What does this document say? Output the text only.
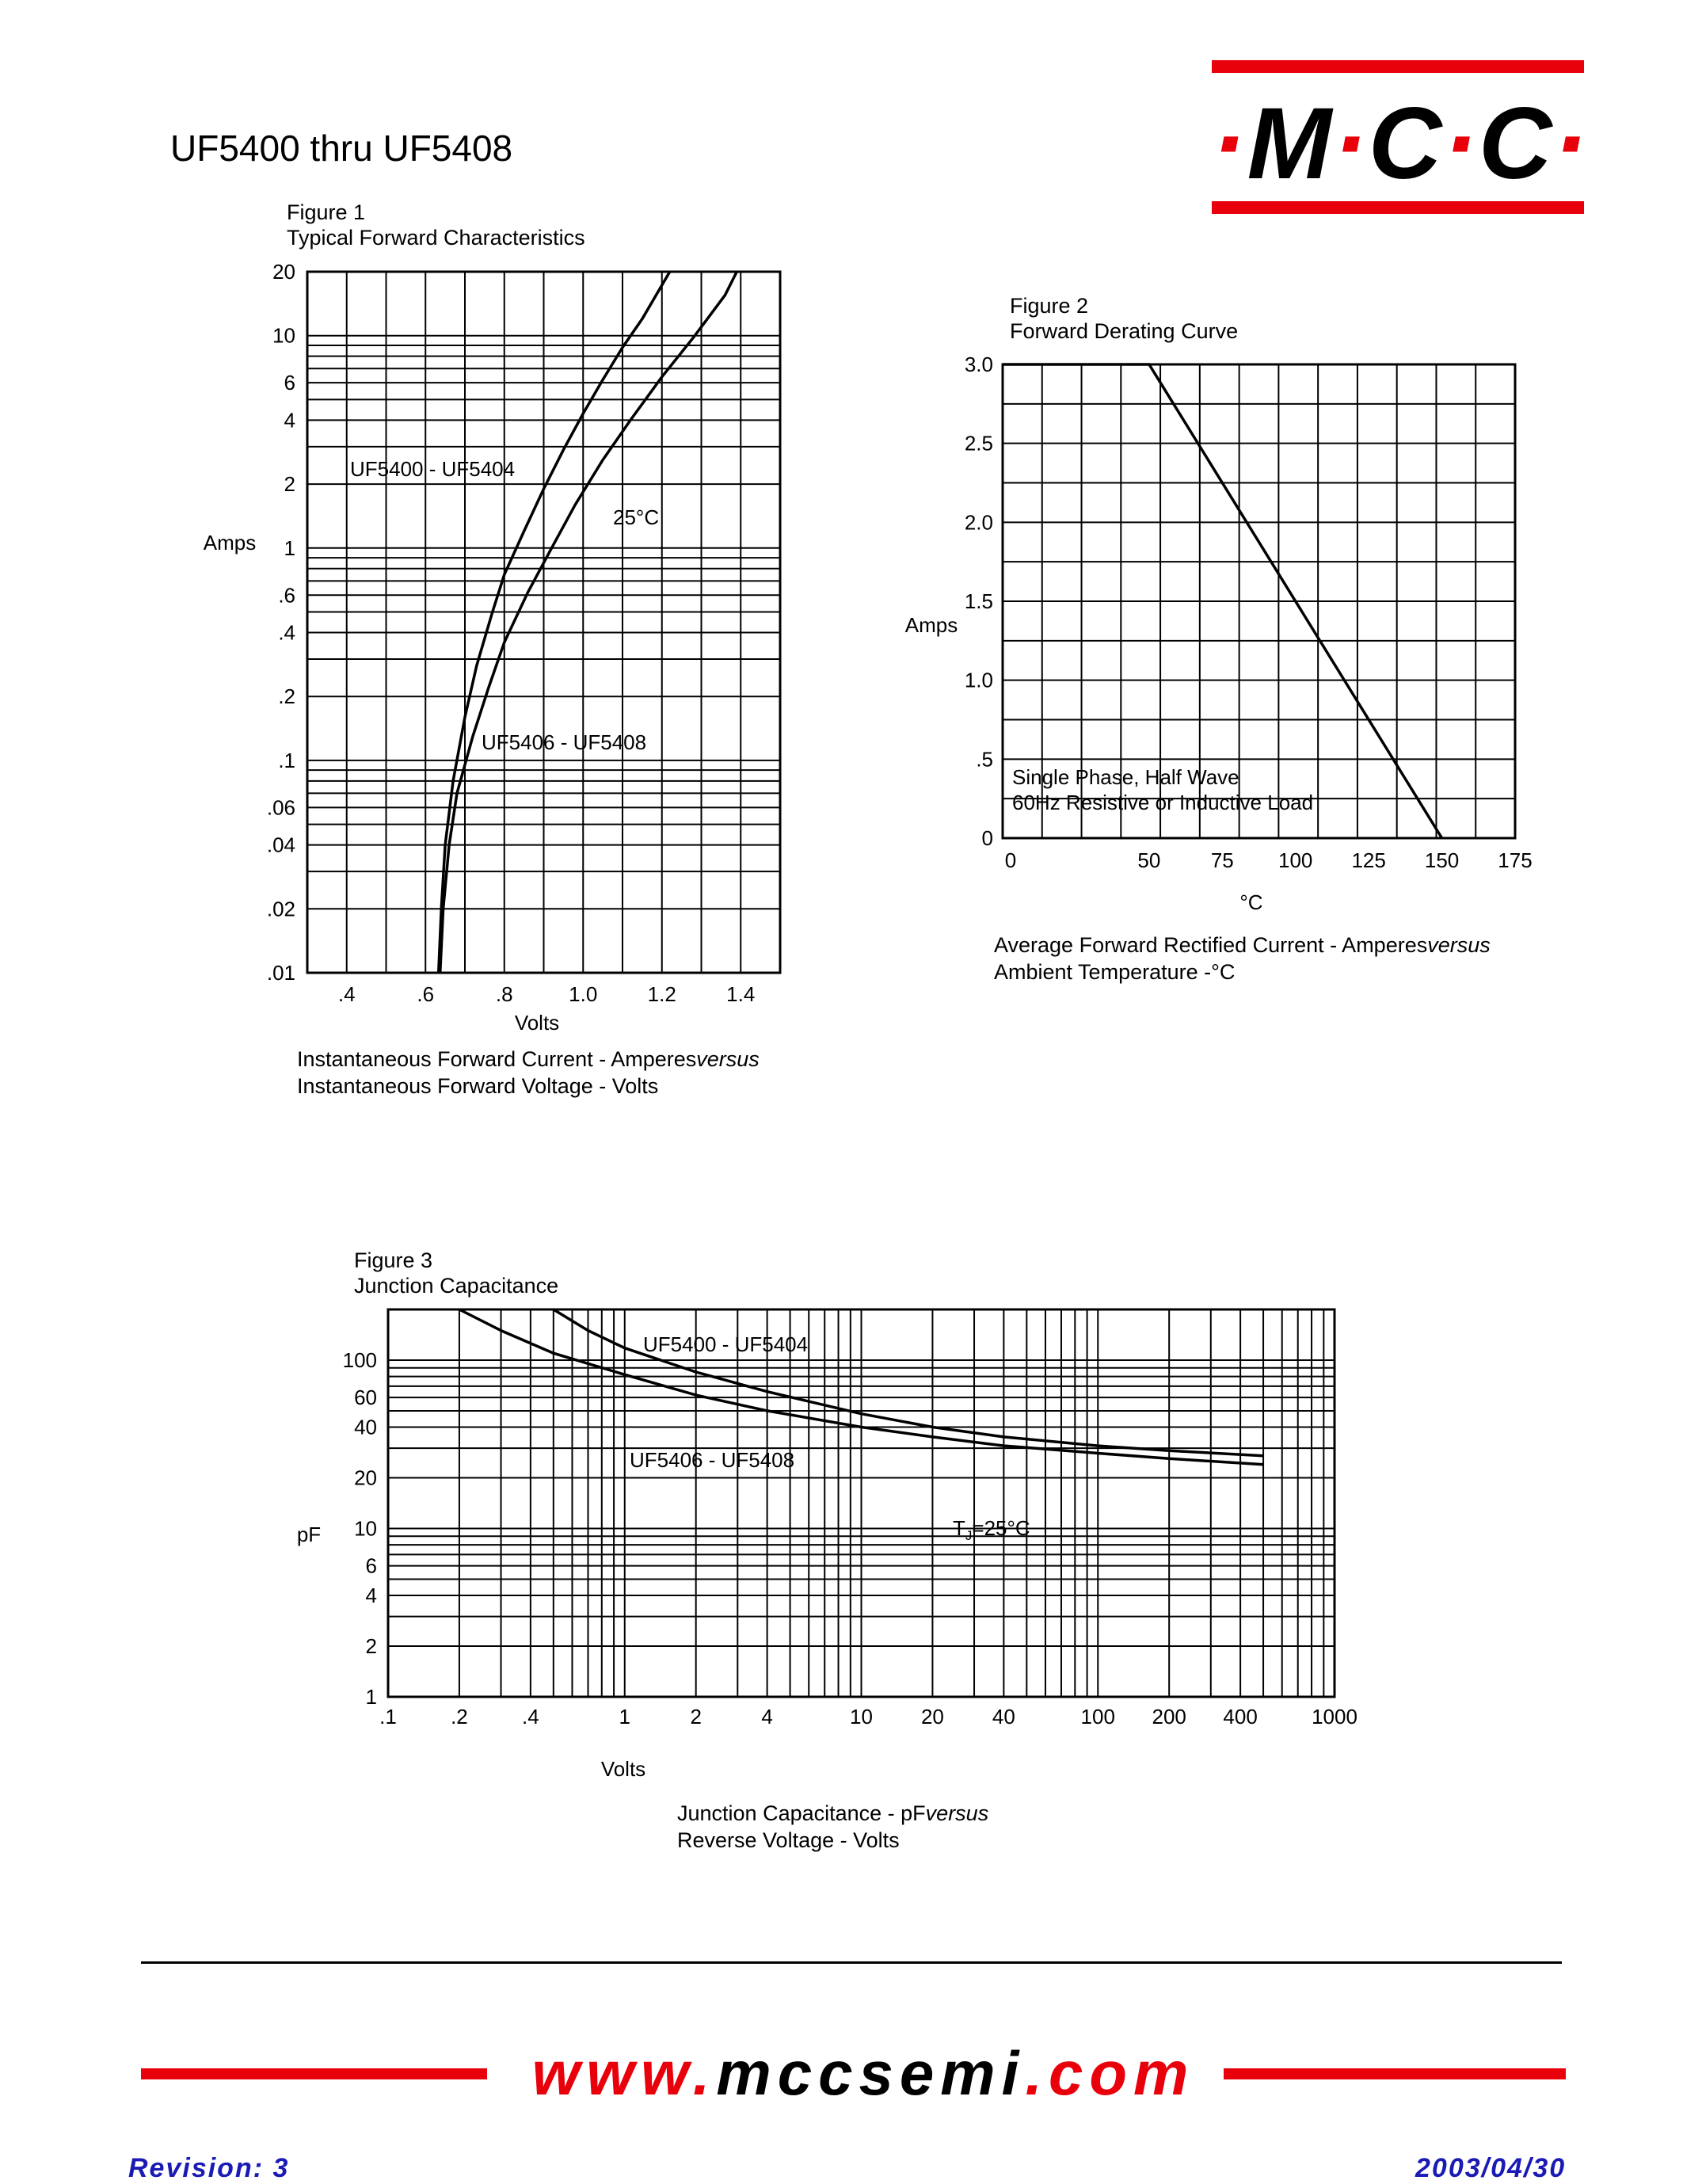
UF5400 thru UF5408	·M·C·C·
Figure 1
Typical Forward Characteristics
20
10
6
4
2
1
.6
.4
.2
.1
.06
.04
.02
.01
.4	.6	.8	1.0 1.2 1.4
Volts
Amps
UF5400 - UF5404
UF5406 - UF5408
25°C
3.0
2.5
2.0
1.5
1.0
.5
0
0	50 75 100 125 150 175
°C
Amps
Single Phase, Half Wave
60Hz Resistive or Inductive Load
100
60
40
20
10
6
4
2
1
.1	.2	.4	1	2	4	10 20 40	100 200 400	1000
Volts
pF
UF5400 - UF5404
UF5406 - UF5408
$T_J=25^\circ C$
Instantaneous Forward Current - Amperesversus
Instantaneous Forward Voltage - Volts
Figure 2
Forward Derating Curve
Average Forward Rectified Current - Amperesversus
Ambient Temperature -°C
Figure 3
Junction Capacitance
Junction Capacitance - pFversus
Reverse Voltage - Volts
www.mccsemi.com
Revision: 3	2003/04/30
